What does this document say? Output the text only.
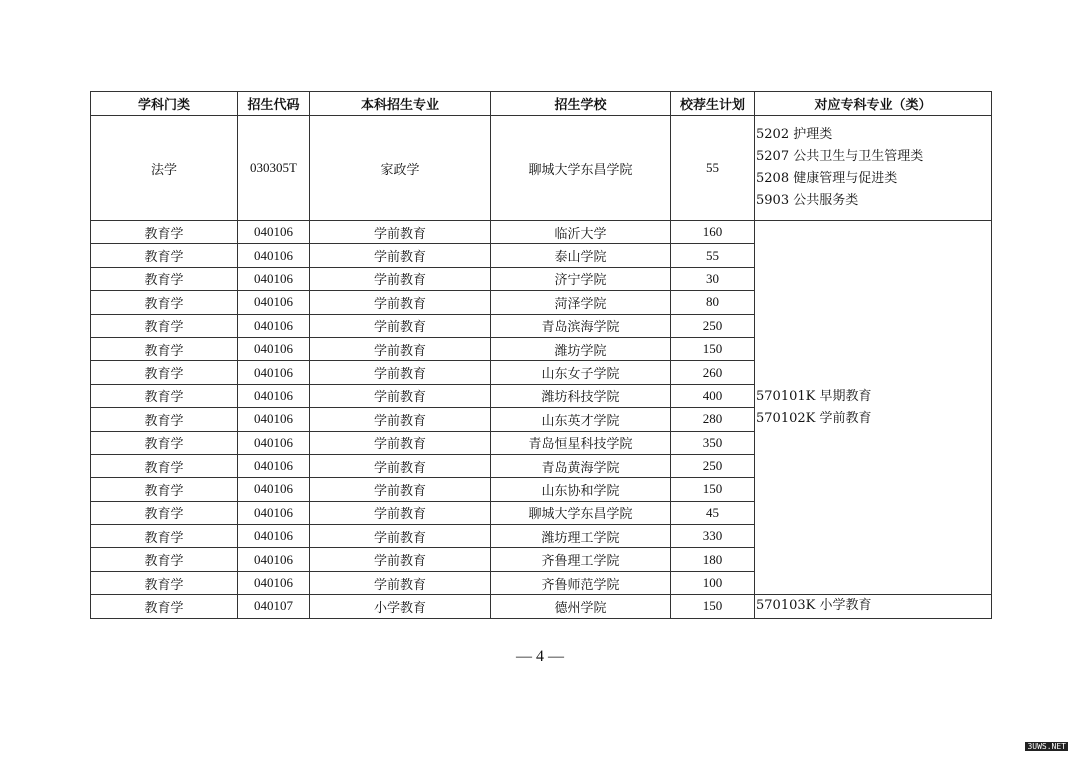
学科门类	招生代码	本科招生专业	招生学校	校荐生计划	对应专科专业（类）
法学	030305T	家政学	聊城大学东昌学院	55	5202 护理类
5207 公共卫生与卫生管理类
5208 健康管理与促进类
5903 公共服务类

教育学	040106	学前教育	临沂大学	160	570101K 早期教育
570102K 学前教育

教育学	040106	学前教育	泰山学院	55	
教育学	040106	学前教育	济宁学院	30	
教育学	040106	学前教育	菏泽学院	80	
教育学	040106	学前教育	青岛滨海学院	250	
教育学	040106	学前教育	潍坊学院	150	
教育学	040106	学前教育	山东女子学院	260	
教育学	040106	学前教育	潍坊科技学院	400	
教育学	040106	学前教育	山东英才学院	280	
教育学	040106	学前教育	青岛恒星科技学院	350	
教育学	040106	学前教育	青岛黄海学院	250	
教育学	040106	学前教育	山东协和学院	150	
教育学	040106	学前教育	聊城大学东昌学院	45	
教育学	040106	学前教育	潍坊理工学院	330	
教育学	040106	学前教育	齐鲁理工学院	180	
教育学	040106	学前教育	齐鲁师范学院	100	
教育学	040107	小学教育	德州学院	150	570103K 小学教育
— 4 —
3UWS.NET
